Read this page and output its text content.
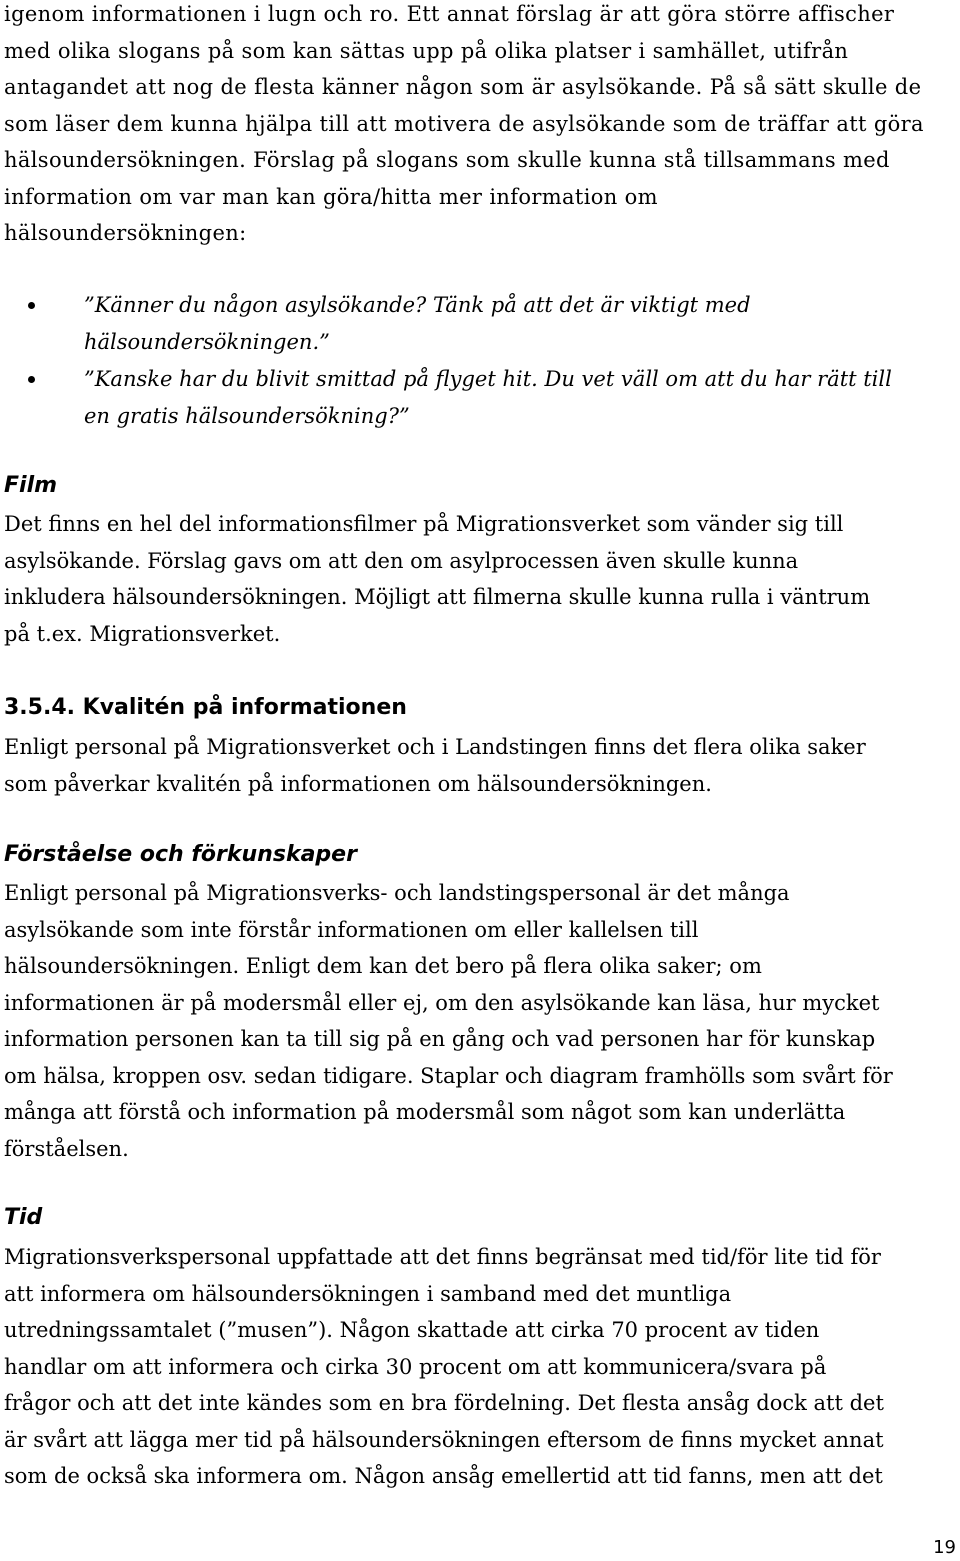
igenom informationen i lugn och ro. Ett annat förslag är att göra större affischer
med olika slogans på som kan sättas upp på olika platser i samhället, utifrån
antagandet att nog de flesta känner någon som är asylsökande. På så sätt skulle de
som läser dem kunna hjälpa till att motivera de asylsökande som de träffar att göra
hälsoundersökningen. Förslag på slogans som skulle kunna stå tillsammans med
information om var man kan göra/hitta mer information om
hälsoundersökningen:

”Känner du någon asylsökande? Tänk på att det är viktigt med
hälsoundersökningen.”
”Kanske har du blivit smittad på flyget hit. Du vet väll om att du har rätt till
en gratis hälsoundersökning?”
Film

Det finns en hel del informationsfilmer på Migrationsverket som vänder sig till
asylsökande. Förslag gavs om att den om asylprocessen även skulle kunna
inkludera hälsoundersökningen. Möjligt att filmerna skulle kunna rulla i väntrum
på t.ex. Migrationsverket.

3.5.4. Kvalitén på informationen

Enligt personal på Migrationsverket och i Landstingen finns det flera olika saker
som påverkar kvalitén på informationen om hälsoundersökningen.

Förståelse och förkunskaper

Enligt personal på Migrationsverks- och landstingspersonal är det många
asylsökande som inte förstår informationen om eller kallelsen till
hälsoundersökningen. Enligt dem kan det bero på flera olika saker; om
informationen är på modersmål eller ej, om den asylsökande kan läsa, hur mycket
information personen kan ta till sig på en gång och vad personen har för kunskap
om hälsa, kroppen osv. sedan tidigare. Staplar och diagram framhölls som svårt för
många att förstå och information på modersmål som något som kan underlätta
förståelsen.

Tid

Migrationsverkspersonal uppfattade att det finns begränsat med tid/för lite tid för
att informera om hälsoundersökningen i samband med det muntliga
utredningssamtalet (”musen”). Någon skattade att cirka 70 procent av tiden
handlar om att informera och cirka 30 procent om att kommunicera/svara på
frågor och att det inte kändes som en bra fördelning. Det flesta ansåg dock att det
är svårt att lägga mer tid på hälsoundersökningen eftersom de finns mycket annat
som de också ska informera om. Någon ansåg emellertid att tid fanns, men att det

19
